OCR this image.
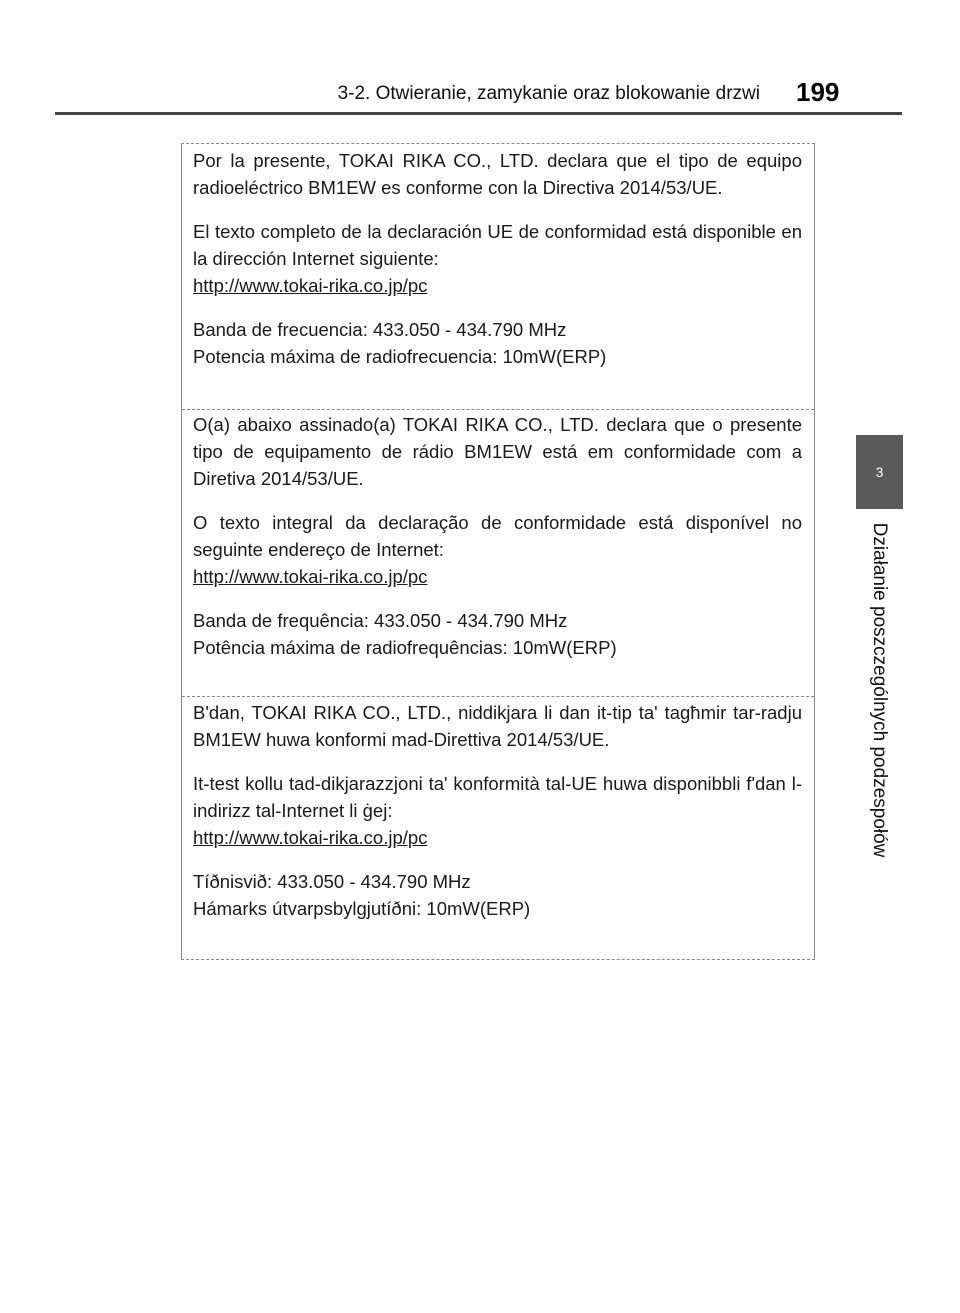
3-2. Otwieranie, zamykanie oraz blokowanie drzwi 199
3
Działanie poszczególnych podzespołów

Por la presente, TOKAI RIKA CO., LTD. declara que el tipo de equipo radioeléctrico BM1EW es conforme con la Directiva 2014/53/UE.

El texto completo de la declaración UE de conformidad está disponible en la dirección Internet siguiente:
http://www.tokai-rika.co.jp/pc

Banda de frecuencia: 433.050 - 434.790 MHz
Potencia máxima de radiofrecuencia: 10mW(ERP)

O(a) abaixo assinado(a) TOKAI RIKA CO., LTD. declara que o presente tipo de equipamento de rádio BM1EW está em conformidade com a Diretiva 2014/53/UE.

O texto integral da declaração de conformidade está disponível no seguinte endereço de Internet:
http://www.tokai-rika.co.jp/pc

Banda de frequência: 433.050 - 434.790 MHz
Potência máxima de radiofrequências: 10mW(ERP)

B'dan, TOKAI RIKA CO., LTD., niddikjara li dan it-tip ta' tagħmir tar-radju BM1EW huwa konformi mad-Direttiva 2014/53/UE.

It-test kollu tad-dikjarazzjoni ta' konformità tal-UE huwa disponibbli f'dan l-indirizz tal-Internet li ġej:
http://www.tokai-rika.co.jp/pc

Tíðnisvið: 433.050 - 434.790 MHz
Hámarks útvarpsbylgjutíðni: 10mW(ERP)
